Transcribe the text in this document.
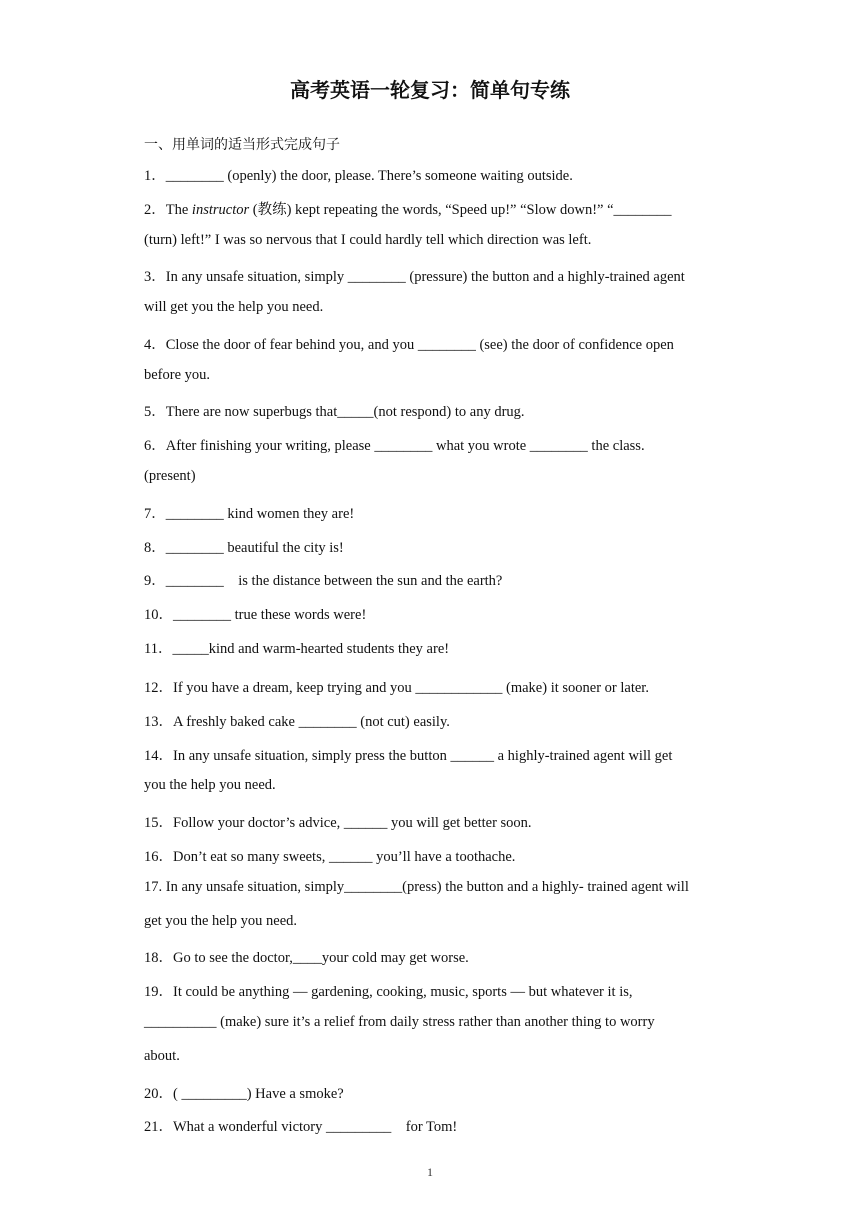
高考英语一轮复习：简单句专练
一、用单词的适当形式完成句子
1．________ (openly) the door, please. There’s someone waiting outside.
2．The instructor (教练) kept repeating the words, “Speed up!” “Slow down!” “________
(turn) left!” I was so nervous that I could hardly tell which direction was left.
3．In any unsafe situation, simply ________ (pressure) the button and a highly-trained agent
will get you the help you need.
4．Close the door of fear behind you, and you ________ (see) the door of confidence open
before you.
5．There are now superbugs that_____(not respond) to any drug.
6．After finishing your writing, please ________ what you wrote ________ the class.
(present)
7．________ kind women they are!
8．________ beautiful the city is!
9．________    is the distance between the sun and the earth?
10．________ true these words were!
11．_____kind and warm-hearted students they are!
12．If you have a dream, keep trying and you ____________ (make) it sooner or later.
13．A freshly baked cake ________ (not cut) easily.
14．In any unsafe situation, simply press the button ______ a highly-trained agent will get
you the help you need.
15．Follow your doctor’s advice, ______ you will get better soon.
16．Don’t eat so many sweets, ______ you’ll have a toothache.
17. In any unsafe situation, simply________(press) the button and a highly- trained agent will
get you the help you need.
18．Go to see the doctor,____your cold may get worse.
19．It could be anything — gardening, cooking, music, sports — but whatever it is,
__________ (make) sure it’s a relief from daily stress rather than another thing to worry
about.
20．( _________) Have a smoke?
21．What a wonderful victory _________    for Tom!
1
